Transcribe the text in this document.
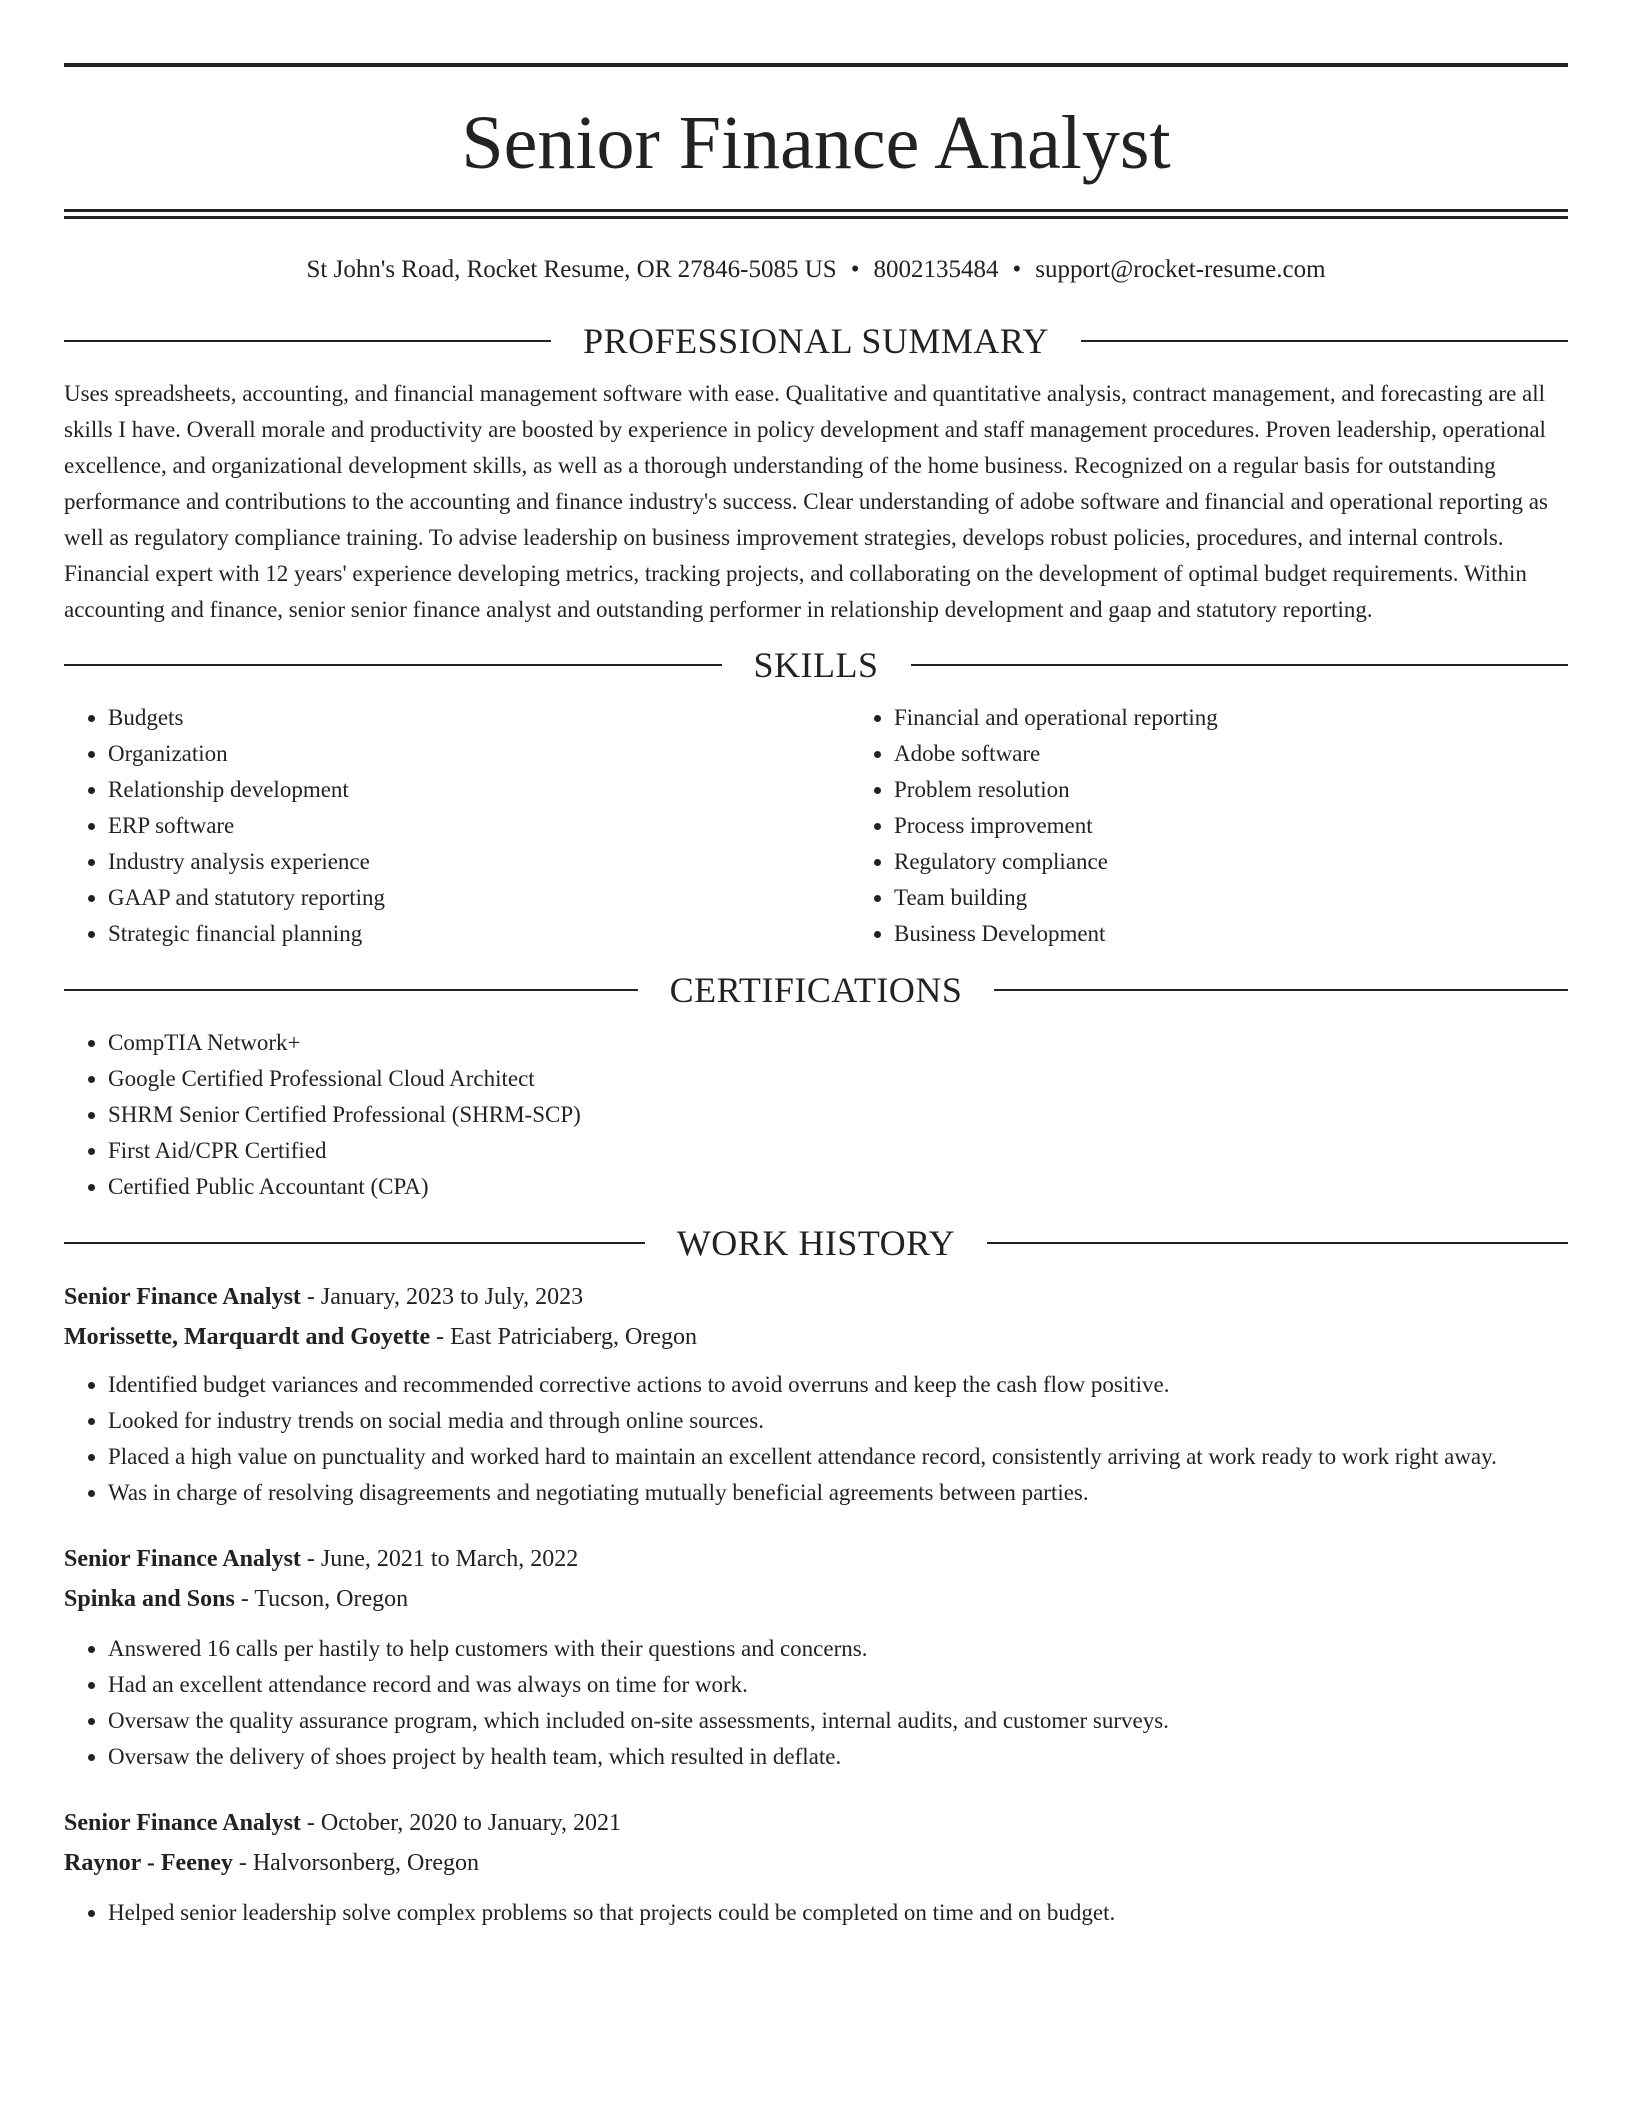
Senior Finance Analyst
St John's Road, Rocket Resume, OR 27846-5085 US • 8002135484 • support@rocket-resume.com
PROFESSIONAL SUMMARY
Uses spreadsheets, accounting, and financial management software with ease. Qualitative and quantitative analysis, contract management, and forecasting are all skills I have. Overall morale and productivity are boosted by experience in policy development and staff management procedures. Proven leadership, operational excellence, and organizational development skills, as well as a thorough understanding of the home business. Recognized on a regular basis for outstanding performance and contributions to the accounting and finance industry's success. Clear understanding of adobe software and financial and operational reporting as well as regulatory compliance training. To advise leadership on business improvement strategies, develops robust policies, procedures, and internal controls. Financial expert with 12 years' experience developing metrics, tracking projects, and collaborating on the development of optimal budget requirements. Within accounting and finance, senior senior finance analyst and outstanding performer in relationship development and gaap and statutory reporting.
SKILLS
• Budgets
• Organization
• Relationship development
• ERP software
• Industry analysis experience
• GAAP and statutory reporting
• Strategic financial planning
• Financial and operational reporting
• Adobe software
• Problem resolution
• Process improvement
• Regulatory compliance
• Team building
• Business Development
CERTIFICATIONS
• CompTIA Network+
• Google Certified Professional Cloud Architect
• SHRM Senior Certified Professional (SHRM-SCP)
• First Aid/CPR Certified
• Certified Public Accountant (CPA)
WORK HISTORY
Senior Finance Analyst - January, 2023 to July, 2023
Morissette, Marquardt and Goyette - East Patriciaberg, Oregon
• Identified budget variances and recommended corrective actions to avoid overruns and keep the cash flow positive.
• Looked for industry trends on social media and through online sources.
• Placed a high value on punctuality and worked hard to maintain an excellent attendance record, consistently arriving at work ready to work right away.
• Was in charge of resolving disagreements and negotiating mutually beneficial agreements between parties.
Senior Finance Analyst - June, 2021 to March, 2022
Spinka and Sons - Tucson, Oregon
• Answered 16 calls per hastily to help customers with their questions and concerns.
• Had an excellent attendance record and was always on time for work.
• Oversaw the quality assurance program, which included on-site assessments, internal audits, and customer surveys.
• Oversaw the delivery of shoes project by health team, which resulted in deflate.
Senior Finance Analyst - October, 2020 to January, 2021
Raynor - Feeney - Halvorsonberg, Oregon
• Helped senior leadership solve complex problems so that projects could be completed on time and on budget.
